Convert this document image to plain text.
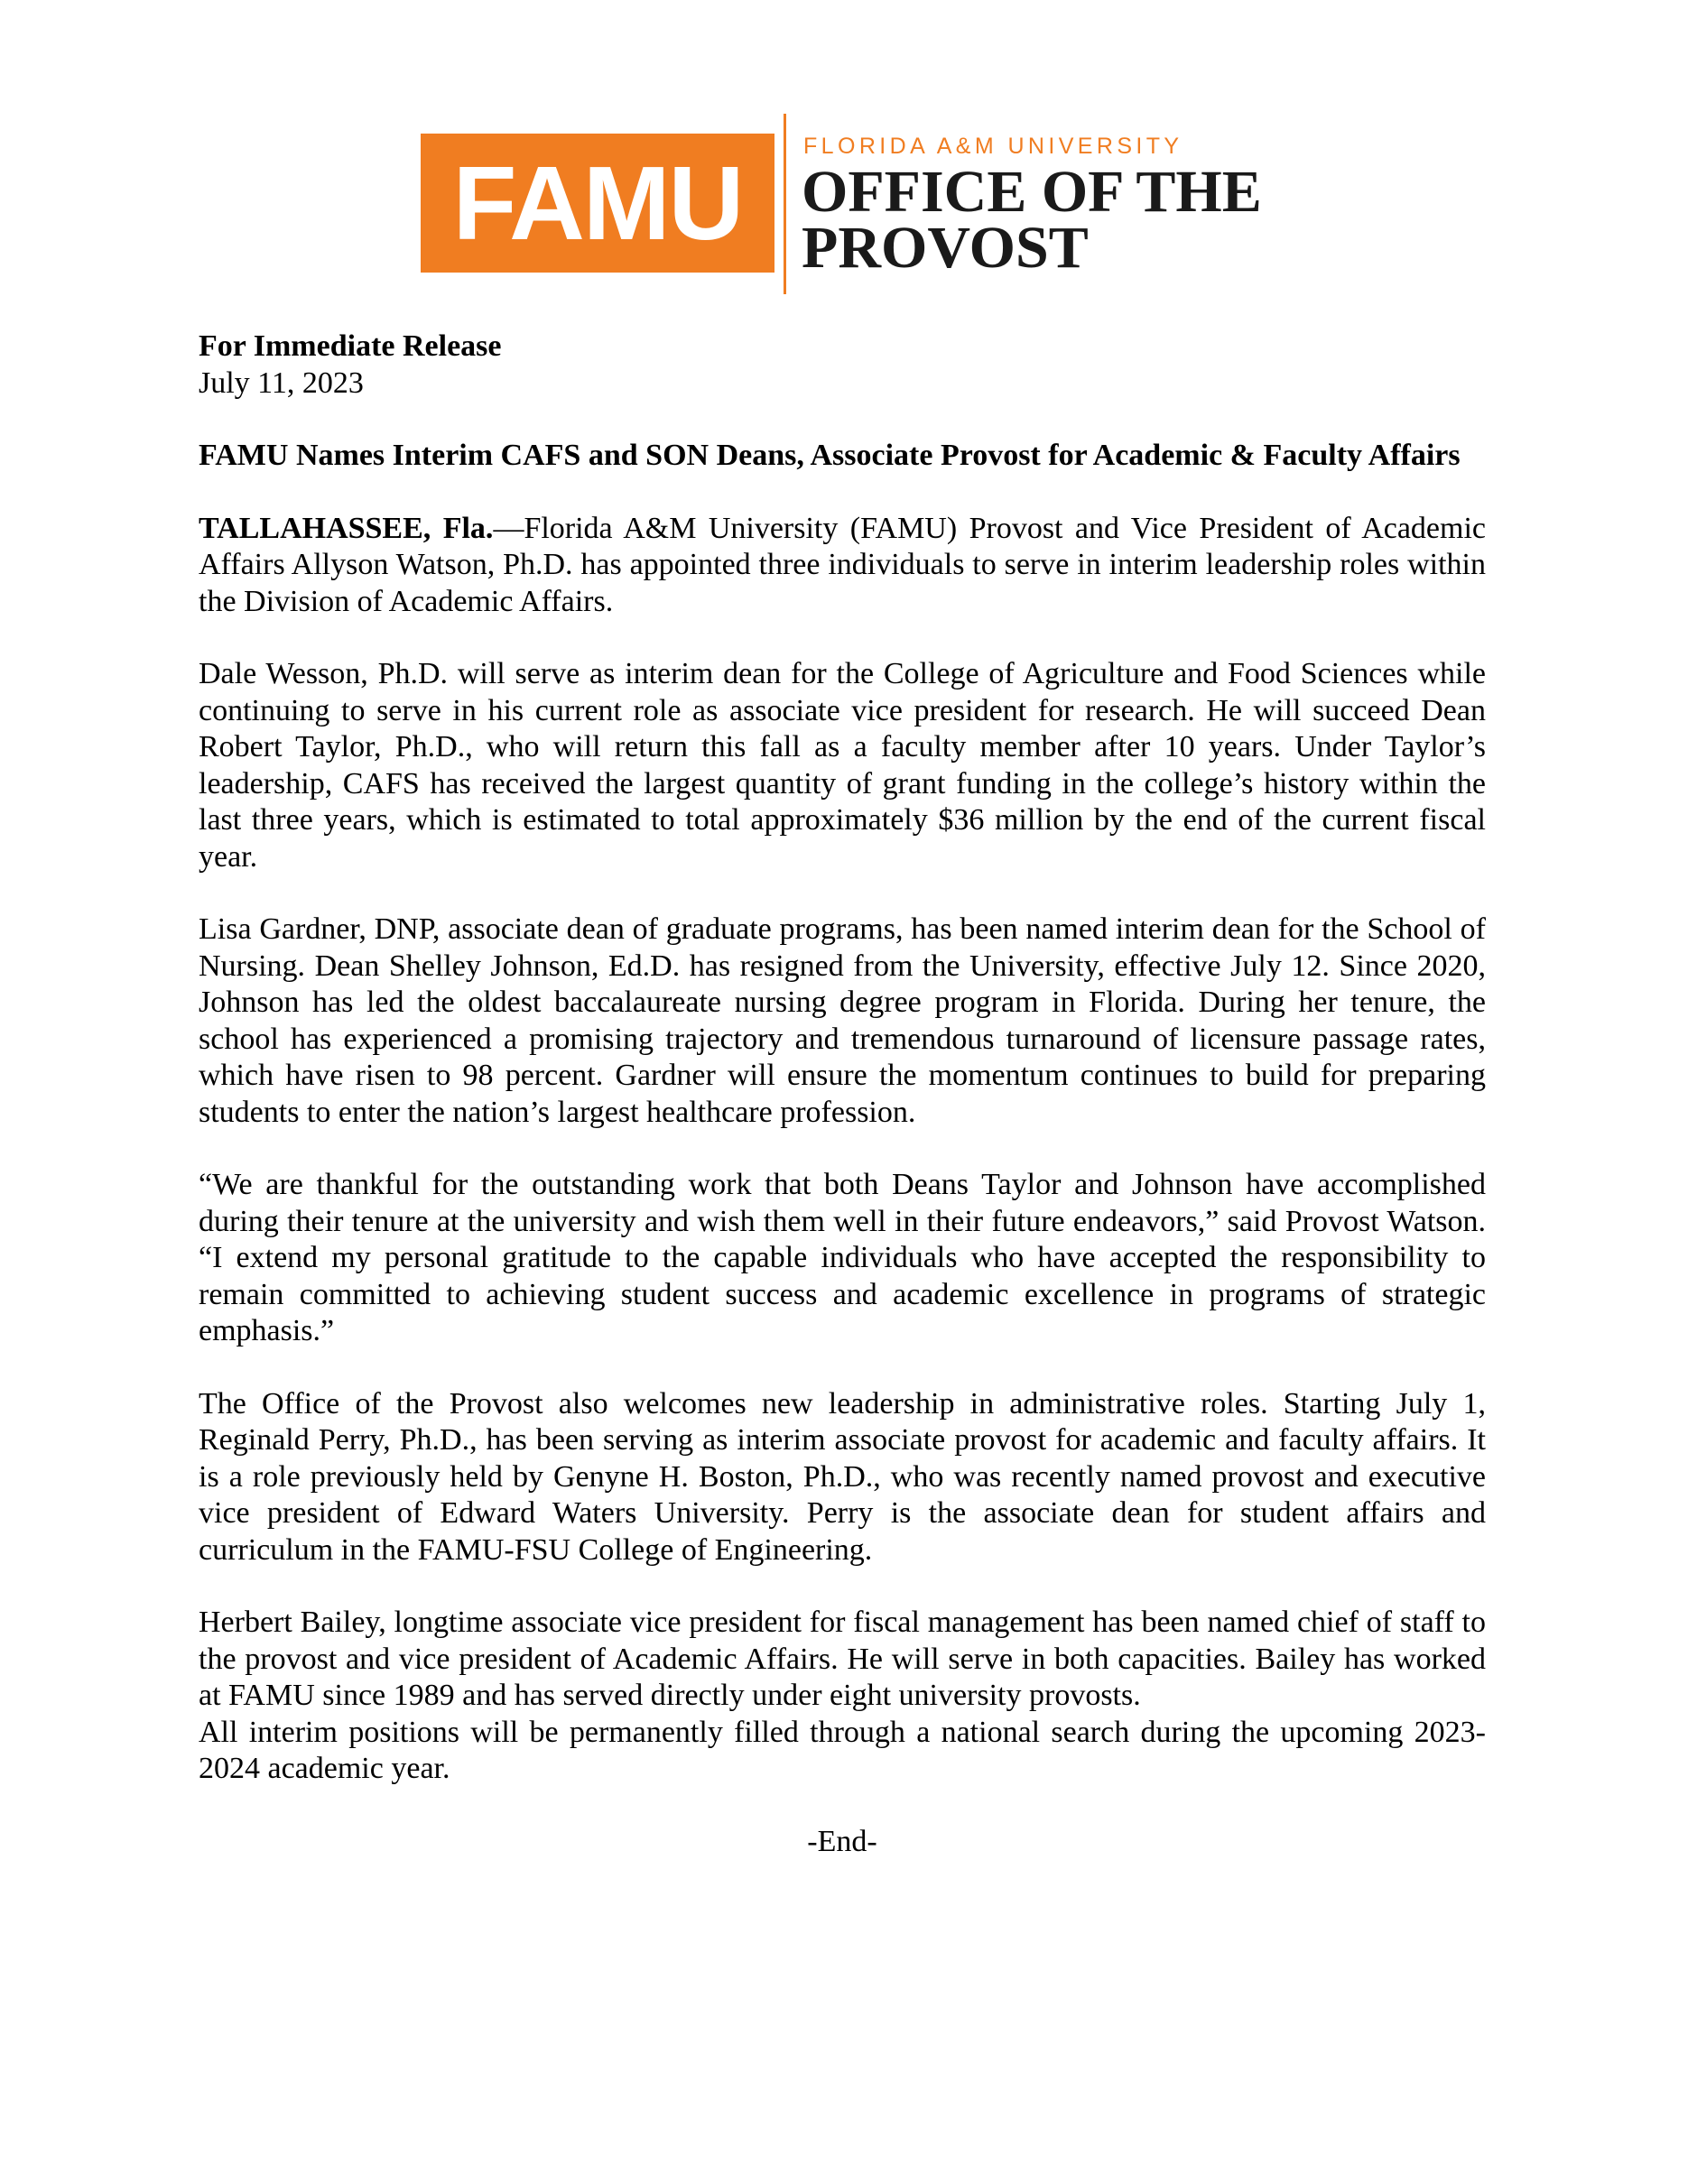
FAMU	FLORIDA A&M UNIVERSITY
OFFICE OF THE
PROVOST

For Immediate Release

July 11, 2023

FAMU Names Interim CAFS and SON Deans, Associate Provost for Academic & Faculty Affairs

TALLAHASSEE, Fla.—Florida A&M University (FAMU) Provost and Vice President of Academic Affairs Allyson Watson, Ph.D. has appointed three individuals to serve in interim leadership roles within the Division of Academic Affairs.

Dale Wesson, Ph.D. will serve as interim dean for the College of Agriculture and Food Sciences while continuing to serve in his current role as associate vice president for research. He will succeed Dean Robert Taylor, Ph.D., who will return this fall as a faculty member after 10 years. Under Taylor’s leadership, CAFS has received the largest quantity of grant funding in the college’s history within the last three years, which is estimated to total approximately $36 million by the end of the current fiscal year.

Lisa Gardner, DNP, associate dean of graduate programs, has been named interim dean for the School of Nursing. Dean Shelley Johnson, Ed.D. has resigned from the University, effective July 12. Since 2020, Johnson has led the oldest baccalaureate nursing degree program in Florida. During her tenure, the school has experienced a promising trajectory and tremendous turnaround of licensure passage rates, which have risen to 98 percent. Gardner will ensure the momentum continues to build for preparing students to enter the nation’s largest healthcare profession.

“We are thankful for the outstanding work that both Deans Taylor and Johnson have accomplished during their tenure at the university and wish them well in their future endeavors,” said Provost Watson. “I extend my personal gratitude to the capable individuals who have accepted the responsibility to remain committed to achieving student success and academic excellence in programs of strategic emphasis.”

The Office of the Provost also welcomes new leadership in administrative roles. Starting July 1, Reginald Perry, Ph.D., has been serving as interim associate provost for academic and faculty affairs. It is a role previously held by Genyne H. Boston, Ph.D., who was recently named provost and executive vice president of Edward Waters University. Perry is the associate dean for student affairs and curriculum in the FAMU-FSU College of Engineering.

Herbert Bailey, longtime associate vice president for fiscal management has been named chief of staff to the provost and vice president of Academic Affairs. He will serve in both capacities. Bailey has worked at FAMU since 1989 and has served directly under eight university provosts.

All interim positions will be permanently filled through a national search during the upcoming 2023-2024 academic year.

-End-
